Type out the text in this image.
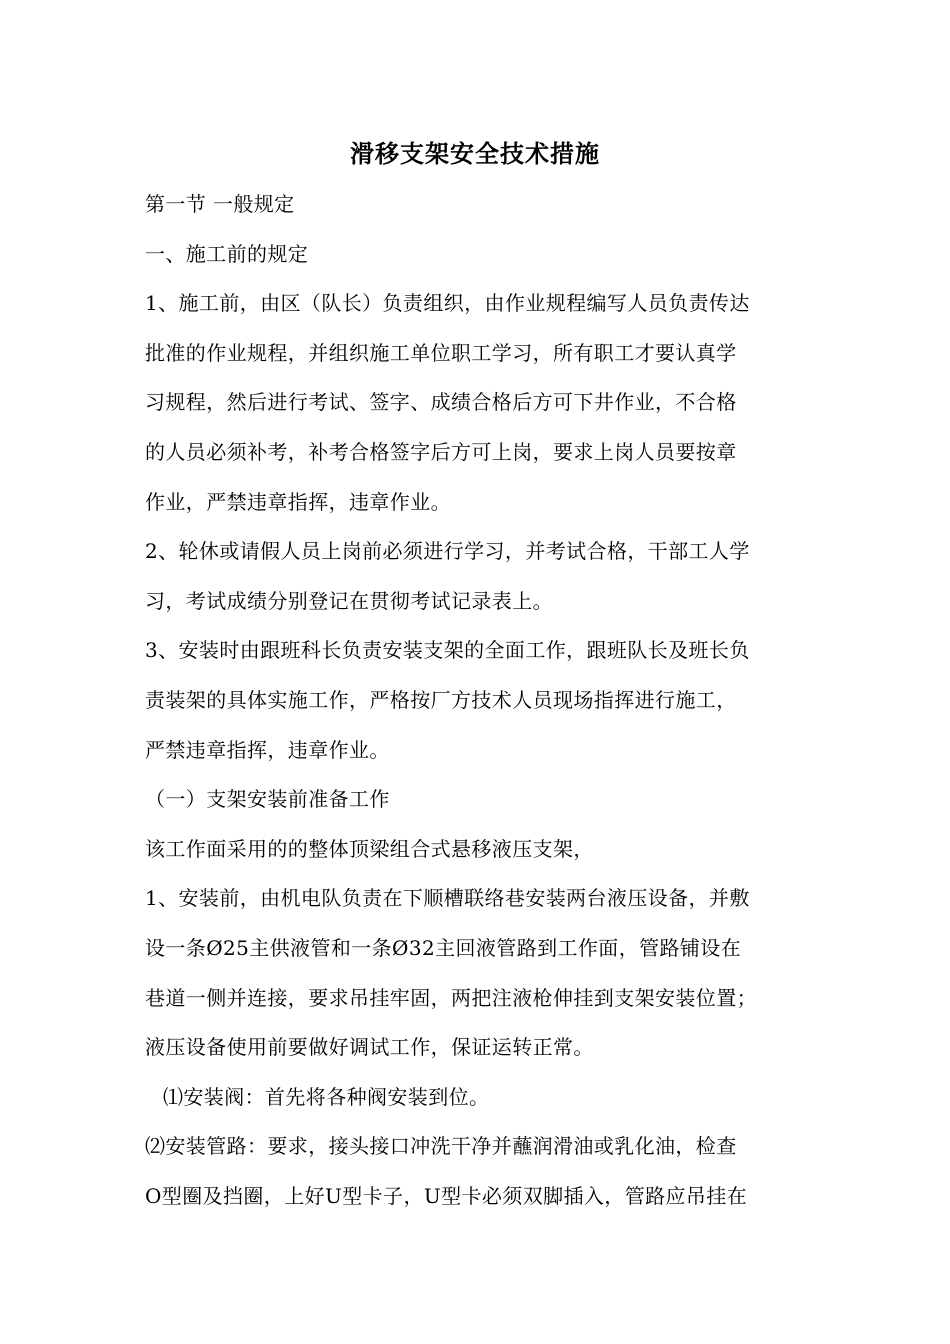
滑移支架安全技术措施
第一节 一般规定
一、施工前的规定
1、施工前，由区（队长）负责组织，由作业规程编写人员负责传达
批准的作业规程，并组织施工单位职工学习，所有职工才要认真学
习规程，然后进行考试、签字、成绩合格后方可下井作业，不合格
的人员必须补考，补考合格签字后方可上岗，要求上岗人员要按章
作业，严禁违章指挥，违章作业。
2、轮休或请假人员上岗前必须进行学习，并考试合格，干部工人学
习，考试成绩分别登记在贯彻考试记录表上。
3、安装时由跟班科长负责安装支架的全面工作，跟班队长及班长负
责装架的具体实施工作，严格按厂方技术人员现场指挥进行施工，
严禁违章指挥，违章作业。
（一）支架安装前准备工作
该工作面采用的的整体顶梁组合式悬移液压支架，
1、安装前，由机电队负责在下顺槽联络巷安装两台液压设备，并敷
设一条Ø25主供液管和一条Ø32主回液管路到工作面，管路铺设在
巷道一侧并连接，要求吊挂牢固，两把注液枪伸挂到支架安装位置；
液压设备使用前要做好调试工作，保证运转正常。
⑴安装阀：首先将各种阀安装到位。
⑵安装管路：要求，接头接口冲洗干净并蘸润滑油或乳化油，检查
O型圈及挡圈，上好U型卡子，U型卡必须双脚插入，管路应吊挂在
